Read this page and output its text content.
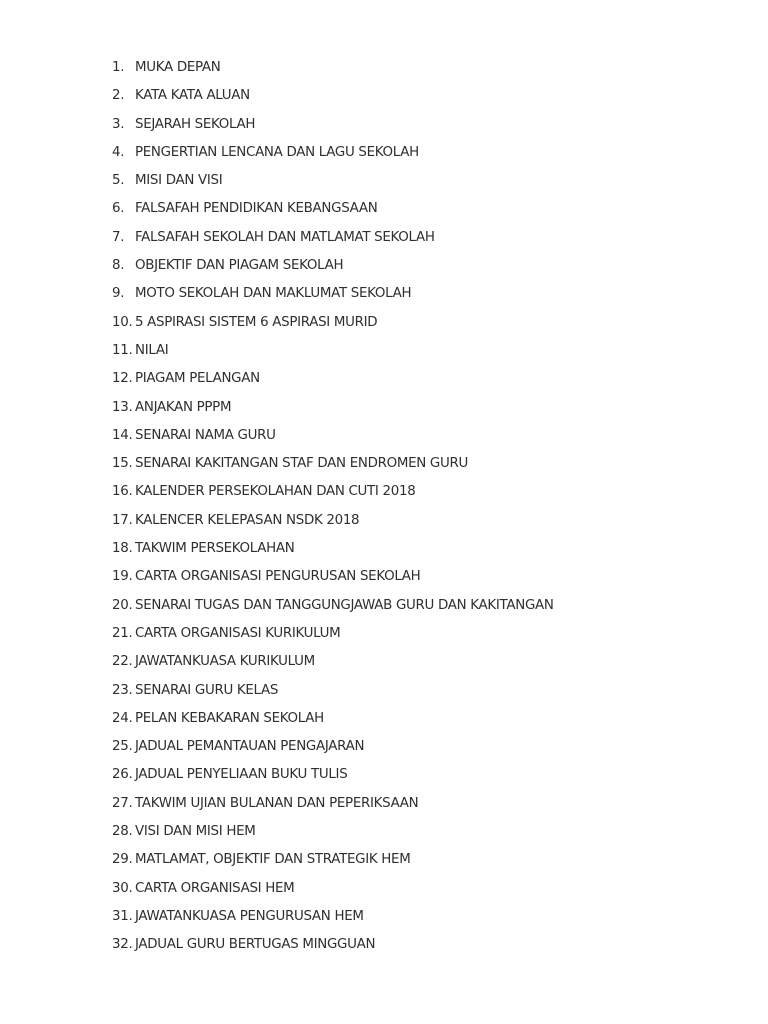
1. MUKA DEPAN
2. KATA KATA ALUAN
3. SEJARAH SEKOLAH
4. PENGERTIAN LENCANA DAN LAGU SEKOLAH
5. MISI DAN VISI
6. FALSAFAH PENDIDIKAN KEBANGSAAN
7. FALSAFAH SEKOLAH DAN MATLAMAT SEKOLAH
8. OBJEKTIF DAN PIAGAM SEKOLAH
9. MOTO SEKOLAH DAN MAKLUMAT SEKOLAH
10. 5 ASPIRASI SISTEM 6 ASPIRASI MURID
11. NILAI
12. PIAGAM PELANGAN
13. ANJAKAN PPPM
14. SENARAI NAMA GURU
15. SENARAI KAKITANGAN STAF DAN ENDROMEN GURU
16. KALENDER PERSEKOLAHAN DAN CUTI 2018
17. KALENCER KELEPASAN NSDK 2018
18. TAKWIM PERSEKOLAHAN
19. CARTA ORGANISASI PENGURUSAN SEKOLAH
20. SENARAI TUGAS DAN TANGGUNGJAWAB GURU DAN KAKITANGAN
21. CARTA ORGANISASI KURIKULUM
22. JAWATANKUASA KURIKULUM
23. SENARAI GURU KELAS
24. PELAN KEBAKARAN SEKOLAH
25. JADUAL PEMANTAUAN PENGAJARAN
26. JADUAL PENYELIAAN BUKU TULIS
27. TAKWIM UJIAN BULANAN DAN PEPERIKSAAN
28. VISI DAN MISI HEM
29. MATLAMAT, OBJEKTIF DAN STRATEGIK HEM
30. CARTA ORGANISASI HEM
31. JAWATANKUASA PENGURUSAN HEM
32. JADUAL GURU BERTUGAS MINGGUAN
